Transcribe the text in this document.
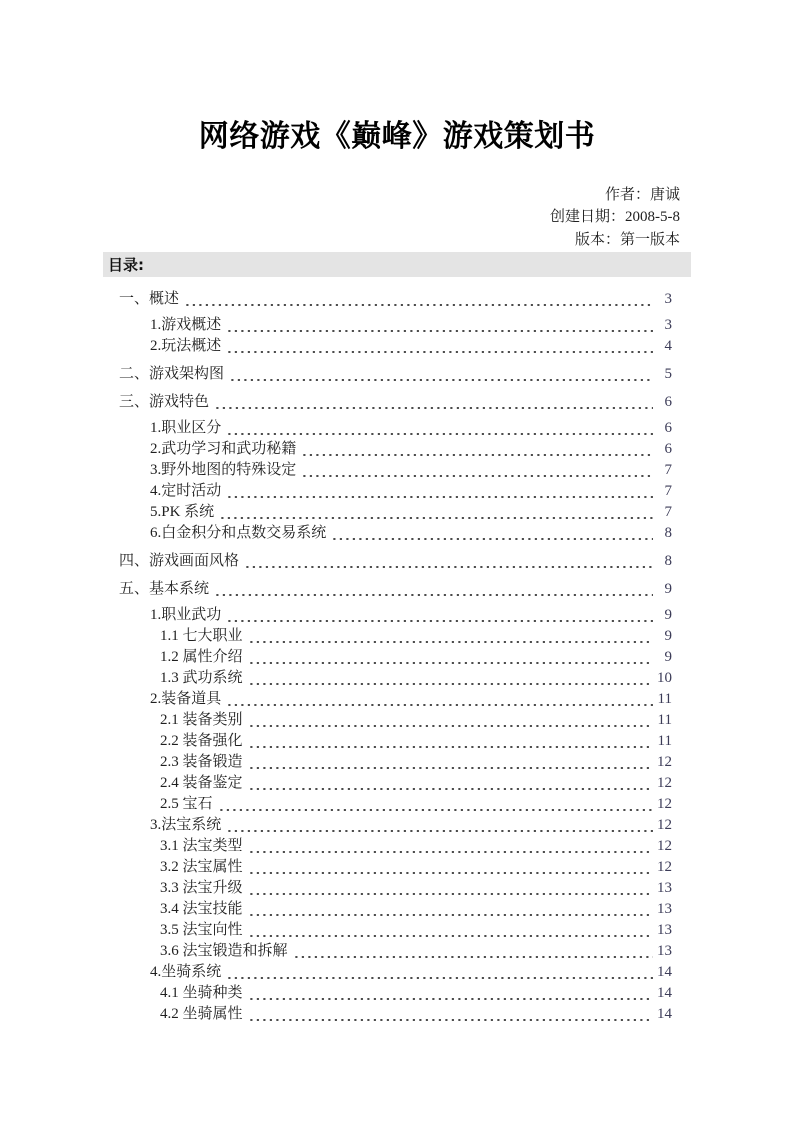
网络游戏《巅峰》游戏策划书
作者：唐诚
创建日期：2008-5-8
版本：第一版本
目录:
一、 概述	3
1.游戏概述	3
2.玩法概述	4
二、 游戏架构图	5
三、 游戏特色	6
1.职业区分	6
2.武功学习和武功秘籍	6
3.野外地图的特殊设定	7
4.定时活动	7
5.PK 系统	7
6.白金积分和点数交易系统	8
四、 游戏画面风格	8
五、 基本系统	9
1.职业武功	9
1.1 七大职业	9
1.2 属性介绍	9
1.3 武功系统	10
2.装备道具	11
2.1 装备类别	11
2.2 装备强化	11
2.3 装备锻造	12
2.4 装备鉴定	12
2.5 宝石	12
3.法宝系统	12
3.1 法宝类型	12
3.2 法宝属性	12
3.3 法宝升级	13
3.4 法宝技能	13
3.5 法宝向性	13
3.6 法宝锻造和拆解	13
4.坐骑系统	14
4.1 坐骑种类	14
4.2 坐骑属性	14
